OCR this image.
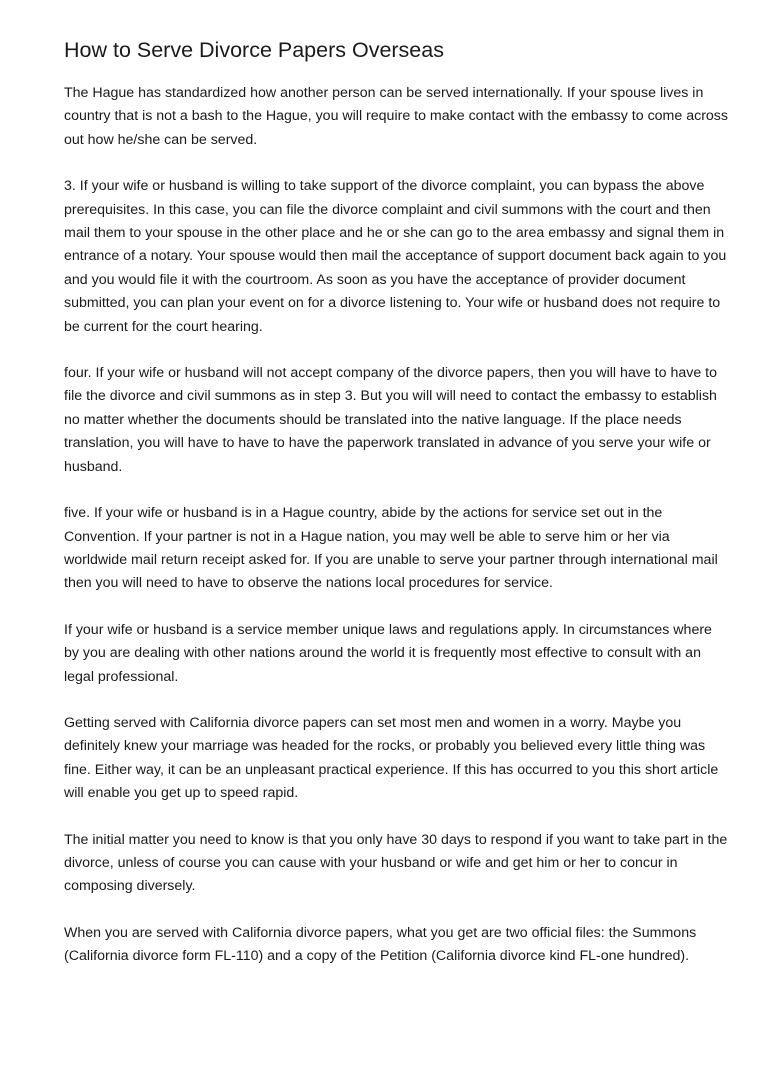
How to Serve Divorce Papers Overseas

The Hague has standardized how another person can be served internationally. If your spouse lives in country that is not a bash to the Hague, you will require to make contact with the embassy to come across out how he/she can be served.

3. If your wife or husband is willing to take support of the divorce complaint, you can bypass the above prerequisites. In this case, you can file the divorce complaint and civil summons with the court and then mail them to your spouse in the other place and he or she can go to the area embassy and signal them in entrance of a notary. Your spouse would then mail the acceptance of support document back again to you and you would file it with the courtroom. As soon as you have the acceptance of provider document submitted, you can plan your event on for a divorce listening to. Your wife or husband does not require to be current for the court hearing.

four. If your wife or husband will not accept company of the divorce papers, then you will have to have to file the divorce and civil summons as in step 3. But you will will need to contact the embassy to establish no matter whether the documents should be translated into the native language. If the place needs translation, you will have to have to have the paperwork translated in advance of you serve your wife or husband.

five. If your wife or husband is in a Hague country, abide by the actions for service set out in the Convention. If your partner is not in a Hague nation, you may well be able to serve him or her via worldwide mail return receipt asked for. If you are unable to serve your partner through international mail then you will need to have to observe the nations local procedures for service.

If your wife or husband is a service member unique laws and regulations apply. In circumstances where by you are dealing with other nations around the world it is frequently most effective to consult with an legal professional.

Getting served with California divorce papers can set most men and women in a worry. Maybe you definitely knew your marriage was headed for the rocks, or probably you believed every little thing was fine. Either way, it can be an unpleasant practical experience. If this has occurred to you this short article will enable you get up to speed rapid.

The initial matter you need to know is that you only have 30 days to respond if you want to take part in the divorce, unless of course you can cause with your husband or wife and get him or her to concur in composing diversely.

When you are served with California divorce papers, what you get are two official files: the Summons (California divorce form FL-110) and a copy of the Petition (California divorce kind FL-one hundred).
